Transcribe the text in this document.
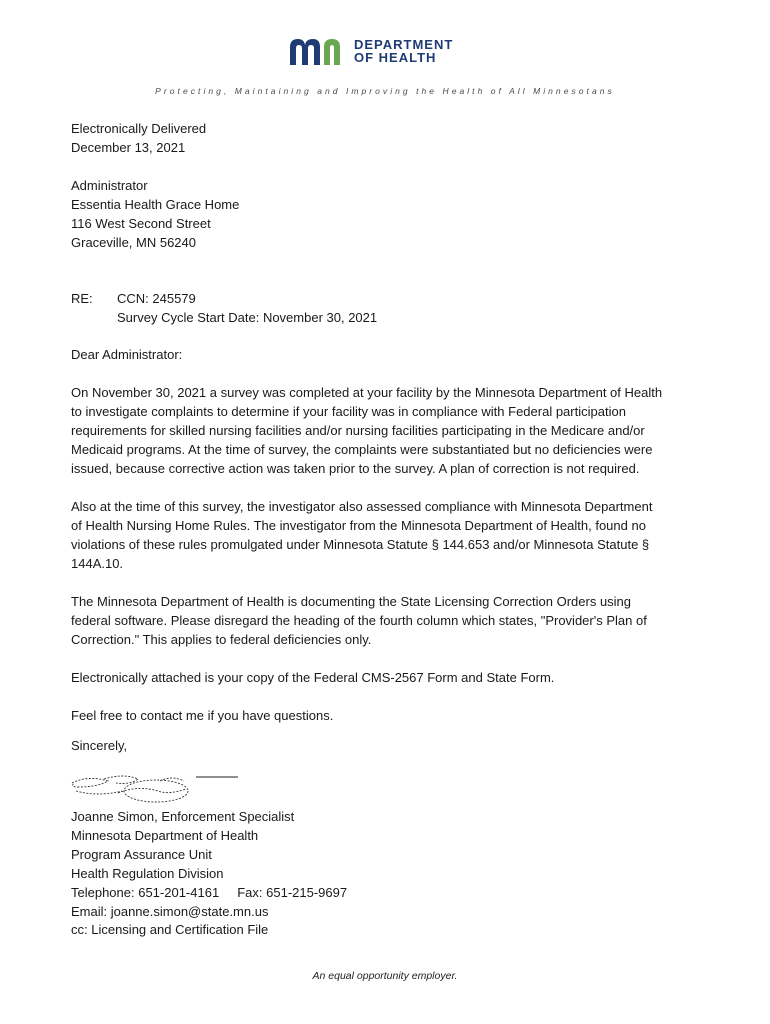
DEPARTMENT
OF HEALTH
Protecting, Maintaining and Improving the Health of All Minnesotans
Electronically Delivered
December 13, 2021
Administrator
Essentia Health Grace Home
116 West Second Street
Graceville, MN 56240
RE: CCN: 245579
Survey Cycle Start Date: November 30, 2021
Dear Administrator:
On November 30, 2021 a survey was completed at your facility by the Minnesota Department of Health
to investigate complaints to determine if your facility was in compliance with Federal participation
requirements for skilled nursing facilities and/or nursing facilities participating in the Medicare and/or
Medicaid programs. At the time of survey, the complaints were substantiated but no deficiencies were
issued, because corrective action was taken prior to the survey. A plan of correction is not required.
Also at the time of this survey, the investigator also assessed compliance with Minnesota Department
of Health Nursing Home Rules. The investigator from the Minnesota Department of Health, found no
violations of these rules promulgated under Minnesota Statute § 144.653 and/or Minnesota Statute §
144A.10.
The Minnesota Department of Health is documenting the State Licensing Correction Orders using
federal software. Please disregard the heading of the fourth column which states, "Provider's Plan of
Correction." This applies to federal deficiencies only.
Electronically attached is your copy of the Federal CMS-2567 Form and State Form.
Feel free to contact me if you have questions.
Sincerely,
Joanne Simon, Enforcement Specialist
Minnesota Department of Health
Program Assurance Unit
Health Regulation Division
Telephone: 651-201-4161     Fax: 651-215-9697
Email: joanne.simon@state.mn.us
cc: Licensing and Certification File
An equal opportunity employer.
